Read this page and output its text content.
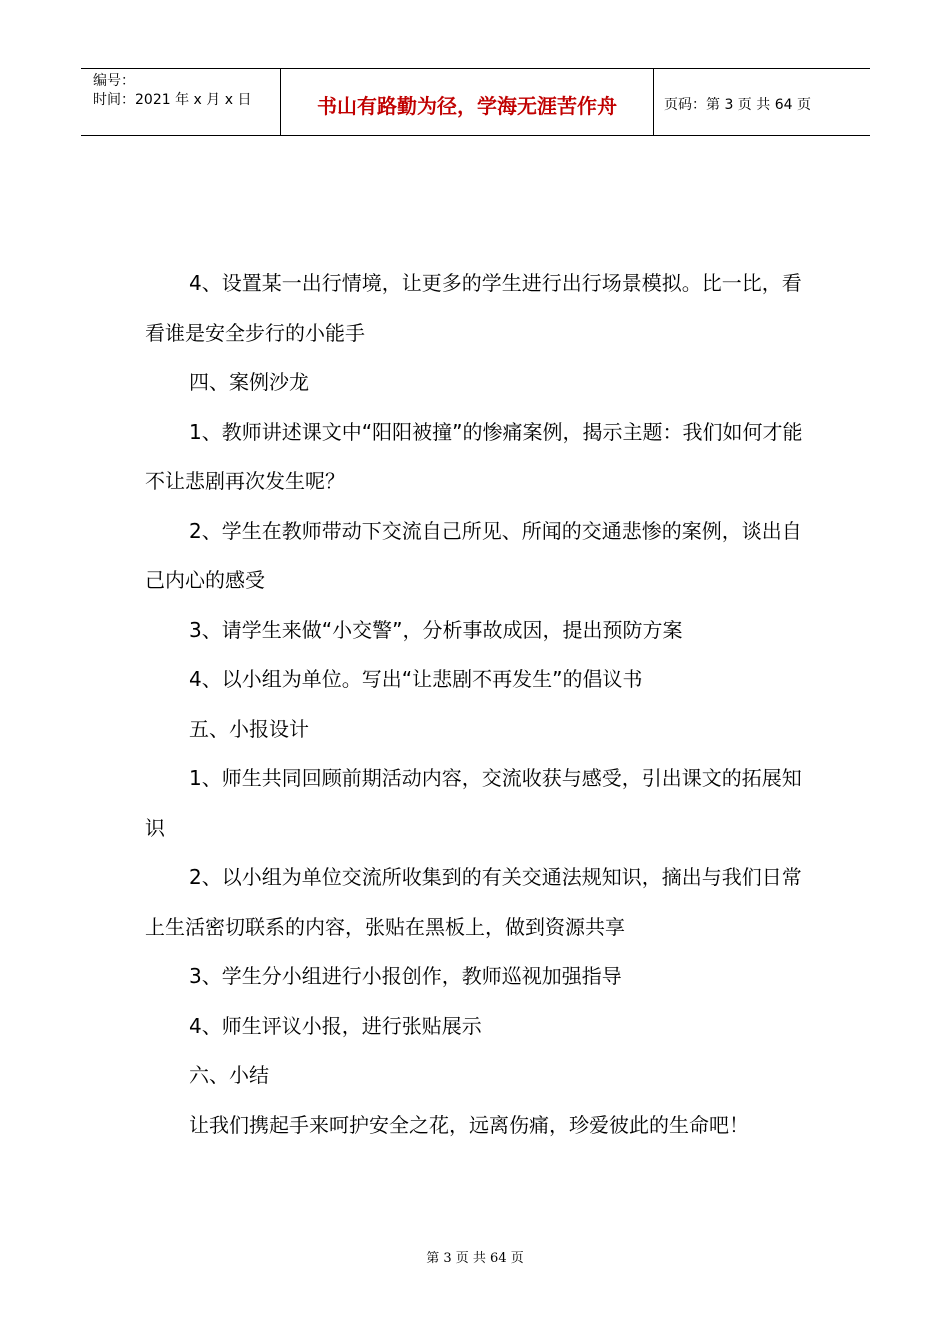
编号：
时间：2021 年 x 月 x 日	书山有路勤为径，学海无涯苦作舟	页码：第 3 页 共 64 页

4、设置某一出行情境，让更多的学生进行出行场景模拟。比一比，看看谁是安全步行的小能手

四、案例沙龙

1、教师讲述课文中“阳阳被撞”的惨痛案例，揭示主题：我们如何才能不让悲剧再次发生呢？

2、学生在教师带动下交流自己所见、所闻的交通悲惨的案例，谈出自己内心的感受

3、请学生来做“小交警”，分析事故成因，提出预防方案

4、以小组为单位。写出“让悲剧不再发生”的倡议书

五、小报设计

1、师生共同回顾前期活动内容，交流收获与感受，引出课文的拓展知识

2、以小组为单位交流所收集到的有关交通法规知识，摘出与我们日常上生活密切联系的内容，张贴在黑板上，做到资源共享

3、学生分小组进行小报创作，教师巡视加强指导

4、师生评议小报，进行张贴展示

六、小结

让我们携起手来呵护安全之花，远离伤痛，珍爱彼此的生命吧！

第 3 页 共 64 页
